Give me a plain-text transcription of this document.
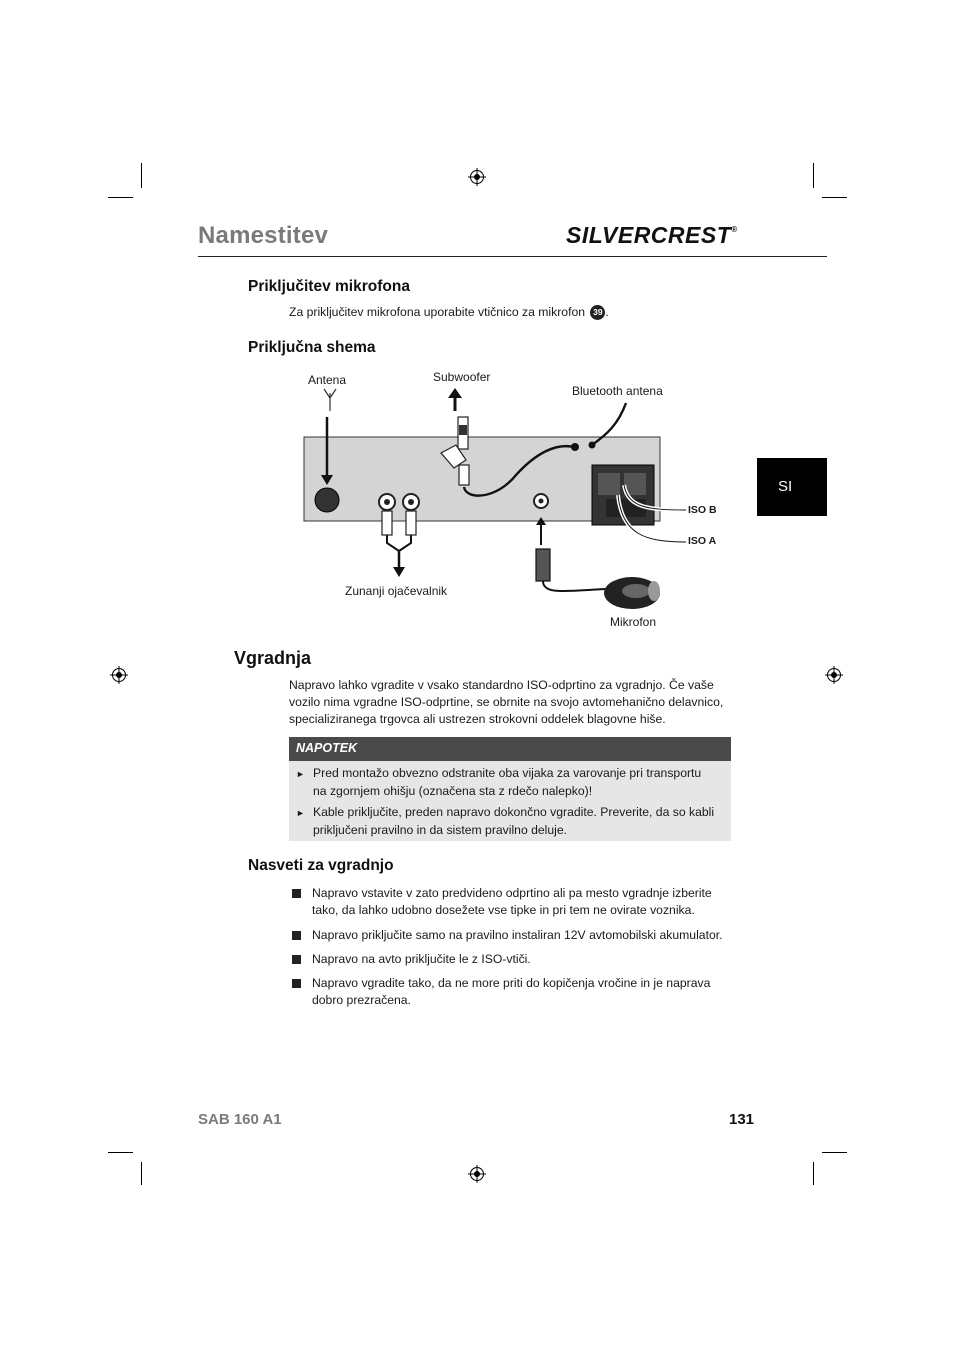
Namestitev	SILVERCREST®
SI
Priključitev mikrofona
Za priključitev mikrofona uporabite vtičnico za mikrofon 39 .
Priključna shema
Antena	Subwoofer
Bluetooth antena
ISO B
ISO A
Zunanji ojačevalnik
Mikrofon
Vgradnja
Napravo lahko vgradite v vsako standardno ISO-odprtino za vgradnjo. Če vaše
vozilo nima vgradne ISO-odprtine, se obrnite na svojo avtomehanično delavnico,
specializiranega trgovca ali ustrezen strokovni oddelek blagovne hiše.
NAPOTEK
► Pred montažo obvezno odstranite oba vijaka za varovanje pri transportu
na zgornjem ohišju (označena sta z rdečo nalepko)!
► Kable priključite, preden napravo dokončno vgradite. Preverite, da so kabli
priključeni pravilno in da sistem pravilno deluje.
Nasveti za vgradnjo
Napravo vstavite v zato predvideno odprtino ali pa mesto vgradnje izberite
tako, da lahko udobno dosežete vse tipke in pri tem ne ovirate voznika.
Napravo priključite samo na pravilno instaliran 12V avtomobilski akumulator.
Napravo na avto priključite le z ISO-vtiči.
Napravo vgradite tako, da ne more priti do kopičenja vročine in je naprava
dobro prezračena.
SAB 160 A1	131
